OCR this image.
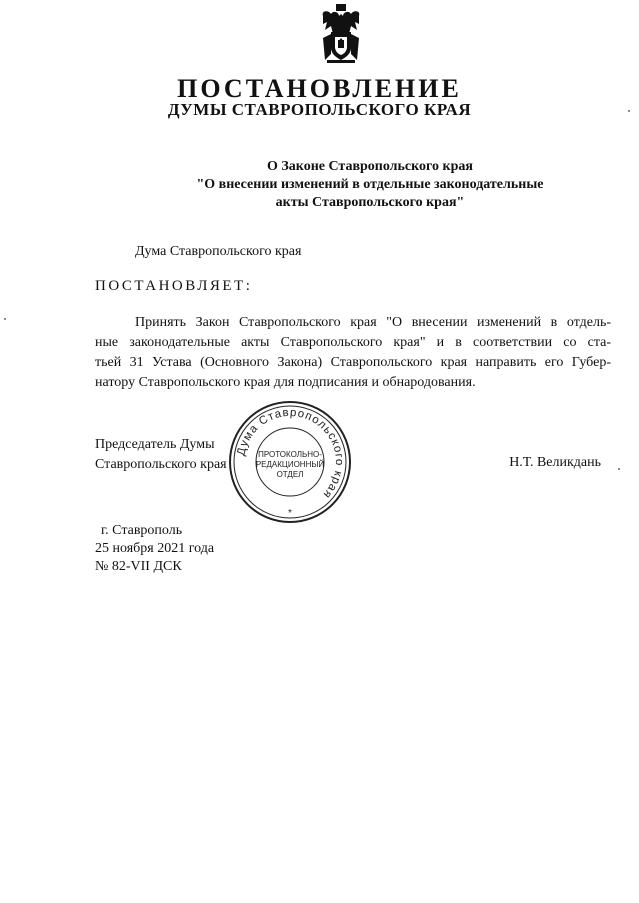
ПОСТАНОВЛЕНИЕ
ДУМЫ СТАВРОПОЛЬСКОГО КРАЯ
О Законе Ставропольского края
"О внесении изменений в отдельные законодательные
акты Ставропольского края"
Дума Ставропольского края
ПОСТАНОВЛЯЕТ:
Принять Закон Ставропольского края "О внесении изменений в отдель-
ные законодательные акты Ставропольского края" и в соответствии со ста-
тьей 31 Устава (Основного Закона) Ставропольского края направить его Губер-
натору Ставропольского края для подписания и обнародования.
Председатель Думы
Ставропольского края
Дума Ставропольского края
ПРОТОКОЛЬНО-
РЕДАКЦИОННЫЙ
ОТДЕЛ
*
Н.Т. Великдань
г. Ставрополь
25 ноября 2021 года
№ 82-VII ДСК
